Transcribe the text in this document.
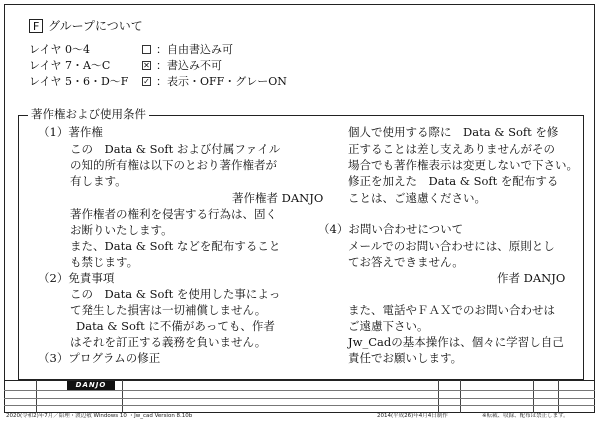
F グループについて
レイヤ 0～4	：自由書込み可
レイヤ 7・A～C	✕ ：書込み不可
レイヤ 5・6・D～F ✓ ：表示・OFF・グレーON
著作権および使用条件
（1）著作権
この　Data & Soft および付属ファイル
の知的所有権は以下のとおり著作権者が
有します。
著作権者 DANJO
著作権者の権利を侵害する行為は、固く
お断りいたします。
また、Data & Soft などを配布すること
も禁じます。
（2）免責事項
この　Data & Soft を使用した事によっ
て発生した損害は一切補償しません。
Data & Soft に不備があっても、作者
はそれを訂正する義務を負いません。
（3）プログラムの修正
個人で使用する際に　Data & Soft を修
正することは差し支えありませんがその
場合でも著作権表示は変更しないで下さい。
修正を加えた　Data & Soft を配布する
ことは、ご遠慮ください。
（4）お問い合わせについて
メールでのお問い合わせには、原則とし
てお答えできません。
作者 DANJO
また、電話やＦＡＸでのお問い合わせは
ご遠慮下さい。
Jw_Cadの基本操作は、個々に学習し自己
責任でお願いします。
DANJO
2020(令和2)年7月／紹理・渡辺敬 Windows 10 ・Jw_cad Version 8.10b	2014(平成26)年4月4日制作	※転載、収録、配布は禁止します。
